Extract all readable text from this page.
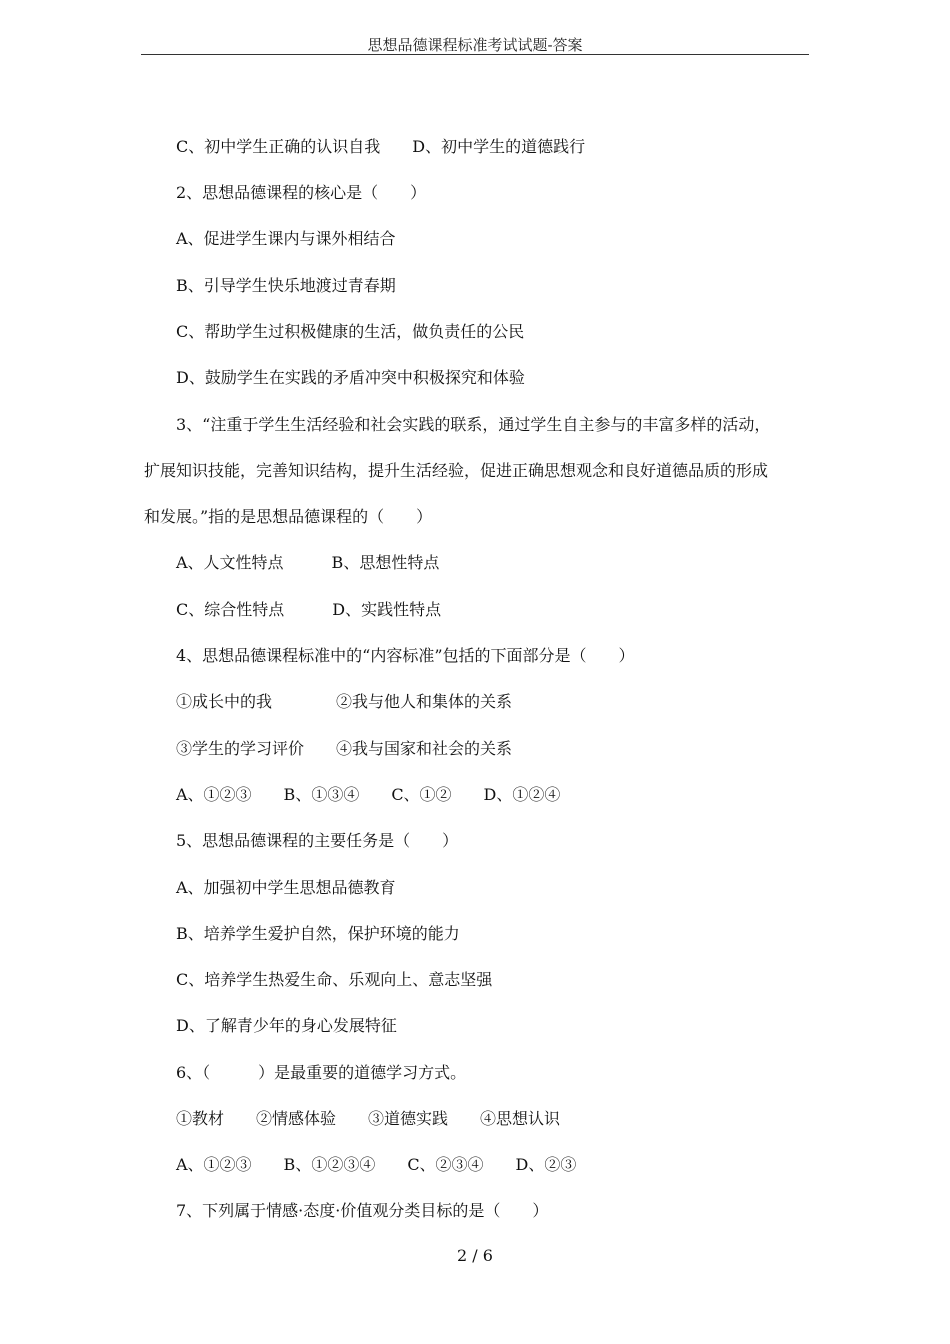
思想品德课程标准考试试题-答案
C、初中学生正确的认识自我　　D、初中学生的道德践行
2、思想品德课程的核心是（　　）
A、促进学生课内与课外相结合
B、引导学生快乐地渡过青春期
C、帮助学生过积极健康的生活，做负责任的公民
D、鼓励学生在实践的矛盾冲突中积极探究和体验
3、“注重于学生生活经验和社会实践的联系，通过学生自主参与的丰富多样的活动，
扩展知识技能，完善知识结构，提升生活经验，促进正确思想观念和良好道德品质的形成
和发展。”指的是思想品德课程的（　　）
A、人文性特点　　　B、思想性特点
C、综合性特点　　　D、实践性特点
4、思想品德课程标准中的“内容标准”包括的下面部分是（　　）
①成长中的我　　　　②我与他人和集体的关系
③学生的学习评价　　④我与国家和社会的关系
A、①②③　　B、①③④　　C、①②　　D、①②④
5、思想品德课程的主要任务是（　　）
A、加强初中学生思想品德教育
B、培养学生爱护自然，保护环境的能力
C、培养学生热爱生命、乐观向上、意志坚强
D、了解青少年的身心发展特征
6、（　　　）是最重要的道德学习方式。
①教材　　②情感体验　　③道德实践　　④思想认识
A、①②③　　B、①②③④　　C、②③④　　D、②③
7、下列属于情感·态度·价值观分类目标的是（　　）
2 / 6
